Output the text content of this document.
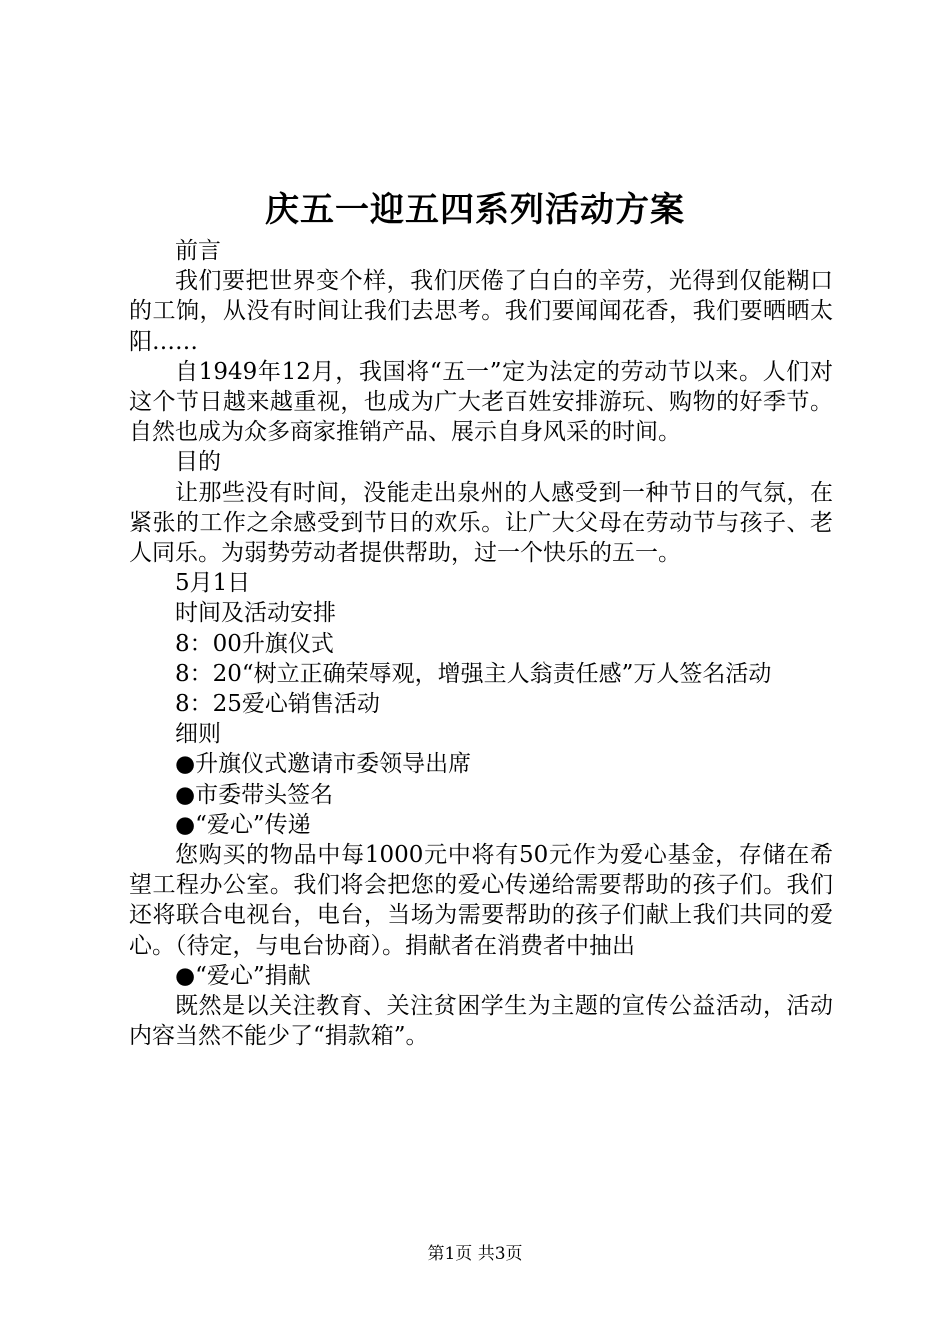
庆五一迎五四系列活动方案

前言

我们要把世界变个样，我们厌倦了白白的辛劳，光得到仅能糊口的工饷，从没有时间让我们去思考。我们要闻闻花香，我们要晒晒太阳……

自1949年12月，我国将“五一”定为法定的劳动节以来。人们对这个节日越来越重视，也成为广大老百姓安排游玩、购物的好季节。自然也成为众多商家推销产品、展示自身风采的时间。

目的

让那些没有时间，没能走出泉州的人感受到一种节日的气氛，在紧张的工作之余感受到节日的欢乐。让广大父母在劳动节与孩子、老人同乐。为弱势劳动者提供帮助，过一个快乐的五一。

5月1日

时间及活动安排

8：00升旗仪式

8：20“树立正确荣辱观，增强主人翁责任感”万人签名活动

8：25爱心销售活动

细则

●升旗仪式邀请市委领导出席

●市委带头签名

●“爱心”传递

您购买的物品中每1000元中将有50元作为爱心基金，存储在希望工程办公室。我们将会把您的爱心传递给需要帮助的孩子们。我们还将联合电视台，电台，当场为需要帮助的孩子们献上我们共同的爱心。（待定，与电台协商）。捐献者在消费者中抽出

●“爱心”捐献

既然是以关注教育、关注贫困学生为主题的宣传公益活动，活动内容当然不能少了“捐款箱”。

第1页 共3页
